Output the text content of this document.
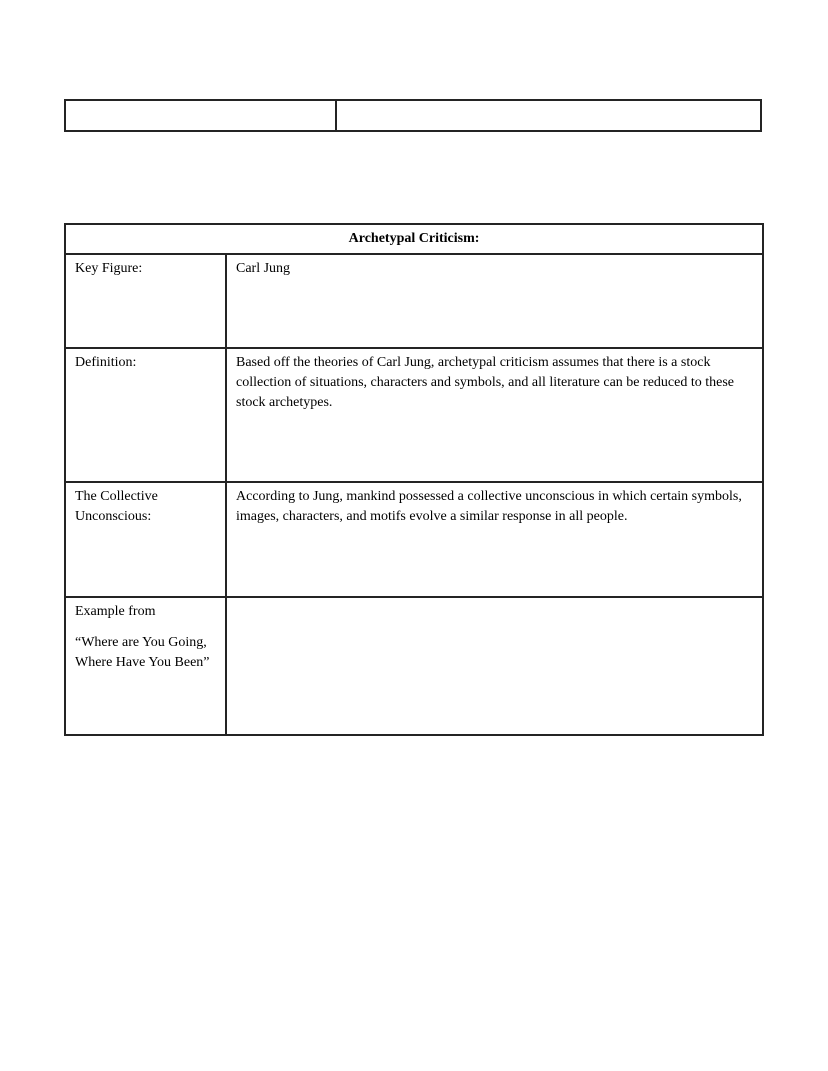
Archetypal Criticism:	
Key Figure:	Carl Jung
Definition:	Based off the theories of Carl Jung, archetypal criticism assumes that there is a stock collection of situations, characters and symbols, and all literature can be reduced to these stock archetypes.
The Collective Unconscious:	According to Jung, mankind possessed a collective unconscious in which certain symbols, images, characters, and motifs evolve a similar response in all people.

Example from

“Where are You Going, Where Have You Been”	
